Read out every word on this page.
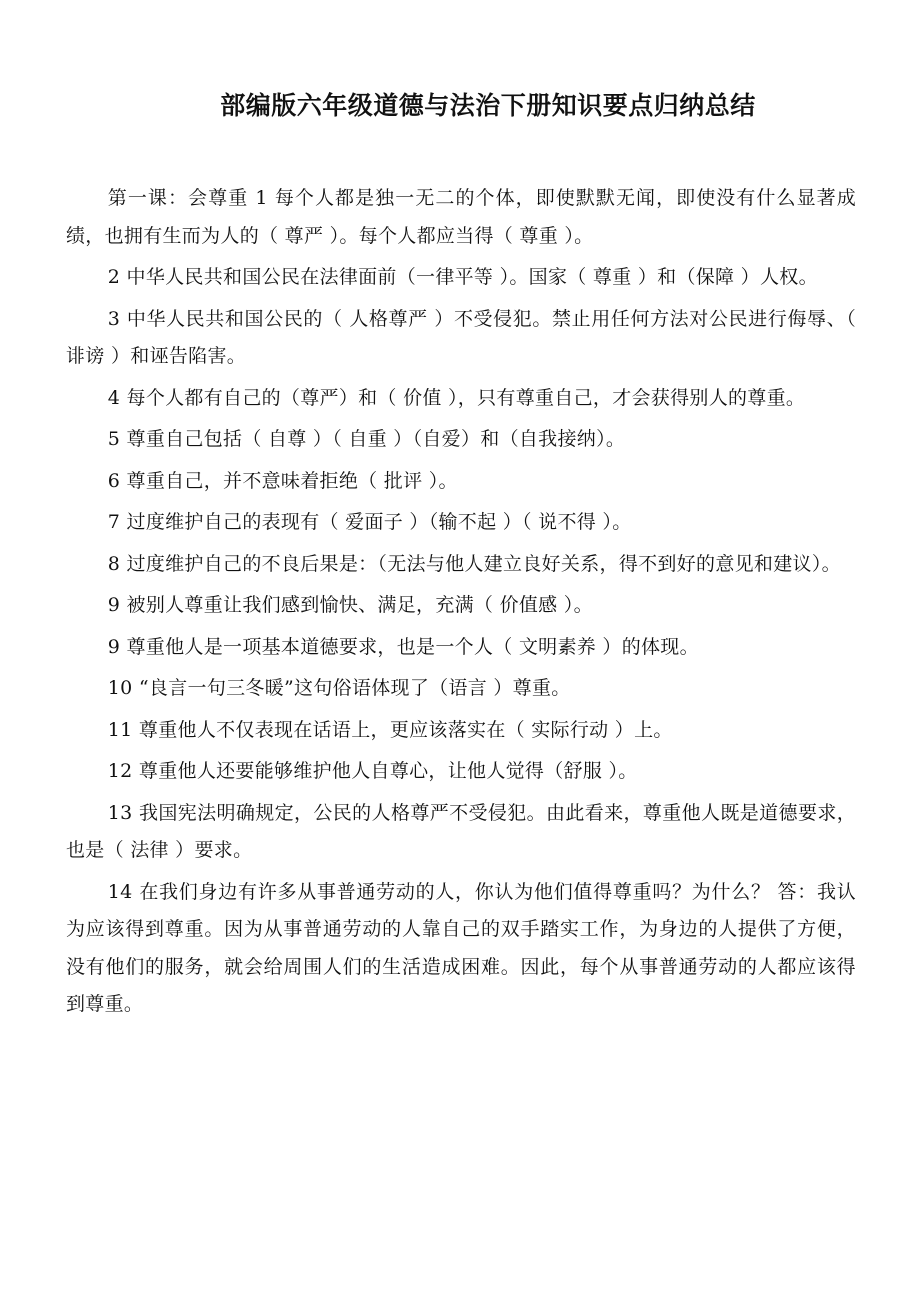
部编版六年级道德与法治下册知识要点归纳总结

第一课：会尊重 1 每个人都是独一无二的个体，即使默默无闻，即使没有什么显著成绩，也拥有生而为人的（ 尊严 ）。每个人都应当得（ 尊重 ）。

2 中华人民共和国公民在法律面前（一律平等 ）。国家（ 尊重 ）和（保障 ）人权。

3 中华人民共和国公民的（ 人格尊严 ）不受侵犯。禁止用任何方法对公民进行侮辱、（ 诽谤 ）和诬告陷害。

4 每个人都有自己的（尊严）和（ 价值 ），只有尊重自己，才会获得别人的尊重。

5 尊重自己包括（ 自尊 ）（ 自重 ）（自爱）和（自我接纳）。

6 尊重自己，并不意味着拒绝（ 批评 ）。

7 过度维护自己的表现有（ 爱面子 ）（输不起 ）（ 说不得 ）。

8 过度维护自己的不良后果是：（无法与他人建立良好关系，得不到好的意见和建议）。

9 被别人尊重让我们感到愉快、满足，充满（ 价值感 ）。

9 尊重他人是一项基本道德要求，也是一个人（ 文明素养 ）的体现。

10 “良言一句三冬暖”这句俗语体现了（语言 ）尊重。

11 尊重他人不仅表现在话语上，更应该落实在（ 实际行动 ）上。

12 尊重他人还要能够维护他人自尊心，让他人觉得（舒服 ）。

13 我国宪法明确规定，公民的人格尊严不受侵犯。由此看来，尊重他人既是道德要求，也是（ 法律 ）要求。

14 在我们身边有许多从事普通劳动的人，你认为他们值得尊重吗？为什么？ 答：我认为应该得到尊重。因为从事普通劳动的人靠自己的双手踏实工作，为身边的人提供了方便，没有他们的服务，就会给周围人们的生活造成困难。因此，每个从事普通劳动的人都应该得到尊重。
